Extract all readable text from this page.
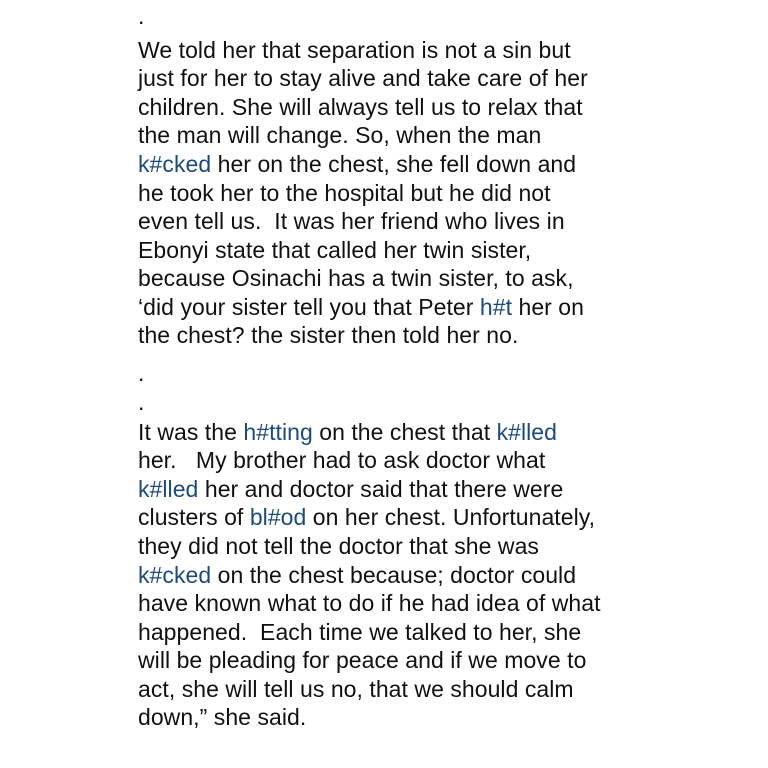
.
We told her that separation is not a sin but
just for her to stay alive and take care of her
children. She will always tell us to relax that
the man will change. So, when the man
k#cked her on the chest, she fell down and
he took her to the hospital but he did not
even tell us.  It was her friend who lives in
Ebonyi state that called her twin sister,
because Osinachi has a twin sister, to ask,
‘did your sister tell you that Peter h#t her on
the chest? the sister then told her no.
.
.
It was the h#tting on the chest that k#lled
her.   My brother had to ask doctor what
k#lled her and doctor said that there were
clusters of bl#od on her chest. Unfortunately,
they did not tell the doctor that she was
k#cked on the chest because; doctor could
have known what to do if he had idea of what
happened.  Each time we talked to her, she
will be pleading for peace and if we move to
act, she will tell us no, that we should calm
down,” she said.
